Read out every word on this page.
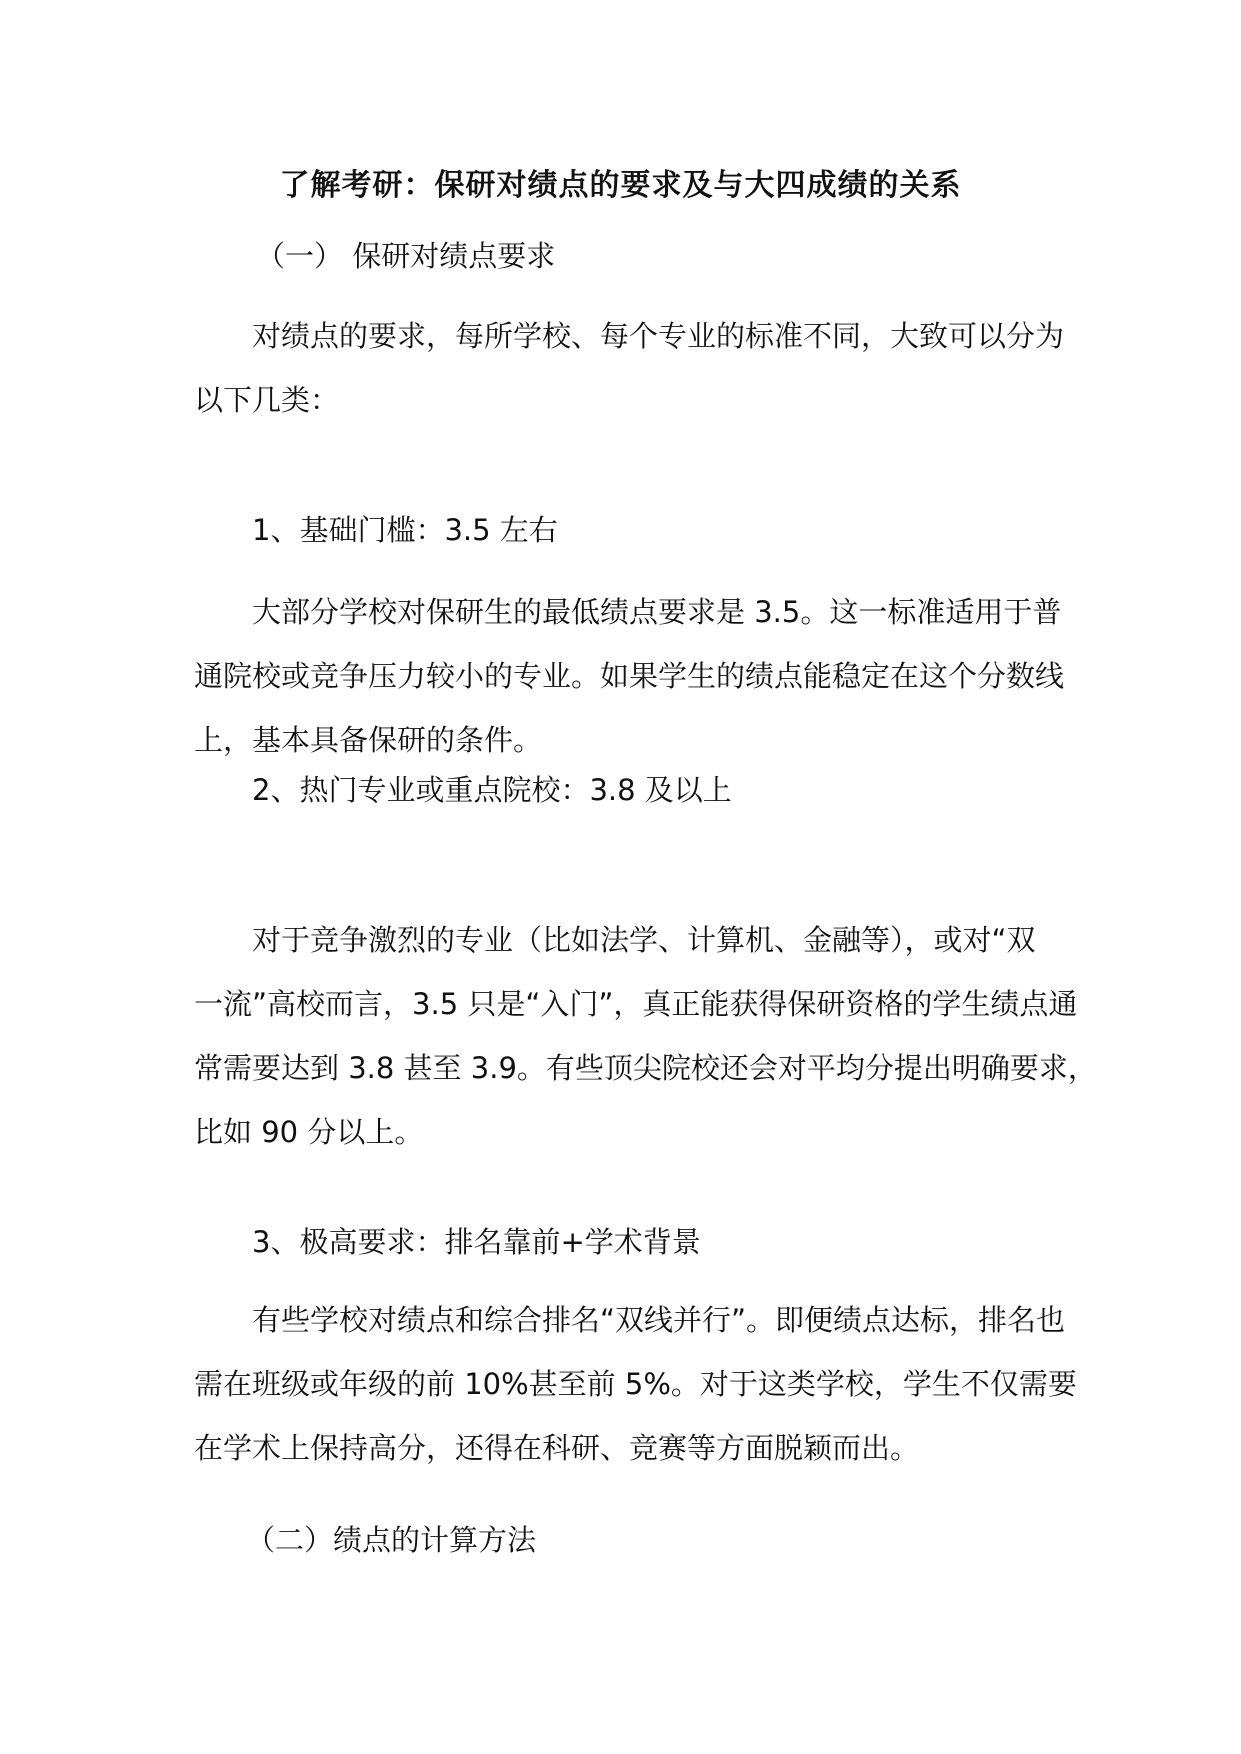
了解考研：保研对绩点的要求及与大四成绩的关系
（一） 保研对绩点要求
对绩点的要求，每所学校、每个专业的标准不同，大致可以分为
以下几类：
1、基础门槛：3.5 左右
大部分学校对保研生的最低绩点要求是 3.5。这一标准适用于普
通院校或竞争压力较小的专业。如果学生的绩点能稳定在这个分数线
上，基本具备保研的条件。
2、热门专业或重点院校：3.8 及以上
对于竞争激烈的专业（比如法学、计算机、金融等），或对“双
一流”高校而言，3.5 只是“入门”，真正能获得保研资格的学生绩点通
常需要达到 3.8 甚至 3.9。有些顶尖院校还会对平均分提出明确要求，
比如 90 分以上。
3、极高要求：排名靠前+学术背景
有些学校对绩点和综合排名“双线并行”。即便绩点达标，排名也
需在班级或年级的前 10%甚至前 5%。对于这类学校，学生不仅需要
在学术上保持高分，还得在科研、竞赛等方面脱颖而出。
（二）绩点的计算方法
